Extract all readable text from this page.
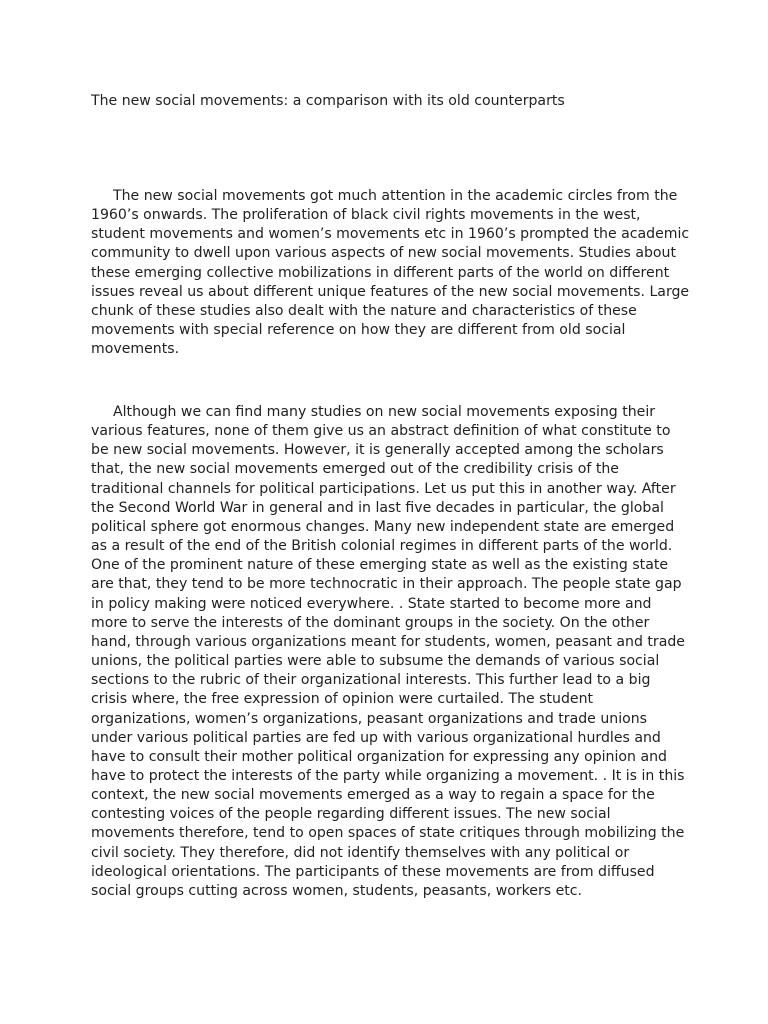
The new social movements: a comparison with its old counterparts
The new social movements got much attention in the academic circles from the
1960’s onwards. The proliferation of black civil rights movements in the west,
student movements and women’s movements etc in 1960’s prompted the academic
community to dwell upon various aspects of new social movements. Studies about
these emerging collective mobilizations in different parts of the world on different
issues reveal us about different unique features of the new social movements. Large
chunk of these studies also dealt with the nature and characteristics of these
movements with special reference on how they are different from old social
movements.
Although we can find many studies on new social movements exposing their
various features, none of them give us an abstract definition of what constitute to
be new social movements. However, it is generally accepted among the scholars
that, the new social movements emerged out of the credibility crisis of the
traditional channels for political participations. Let us put this in another way. After
the Second World War in general and in last five decades in particular, the global
political sphere got enormous changes. Many new independent state are emerged
as a result of the end of the British colonial regimes in different parts of the world.
One of the prominent nature of these emerging state as well as the existing state
are that, they tend to be more technocratic in their approach. The people state gap
in policy making were noticed everywhere. . State started to become more and
more to serve the interests of the dominant groups in the society. On the other
hand, through various organizations meant for students, women, peasant and trade
unions, the political parties were able to subsume the demands of various social
sections to the rubric of their organizational interests. This further lead to a big
crisis where, the free expression of opinion were curtailed. The student
organizations, women’s organizations, peasant organizations and trade unions
under various political parties are fed up with various organizational hurdles and
have to consult their mother political organization for expressing any opinion and
have to protect the interests of the party while organizing a movement. . It is in this
context, the new social movements emerged as a way to regain a space for the
contesting voices of the people regarding different issues. The new social
movements therefore, tend to open spaces of state critiques through mobilizing the
civil society. They therefore, did not identify themselves with any political or
ideological orientations. The participants of these movements are from diffused
social groups cutting across women, students, peasants, workers etc.
